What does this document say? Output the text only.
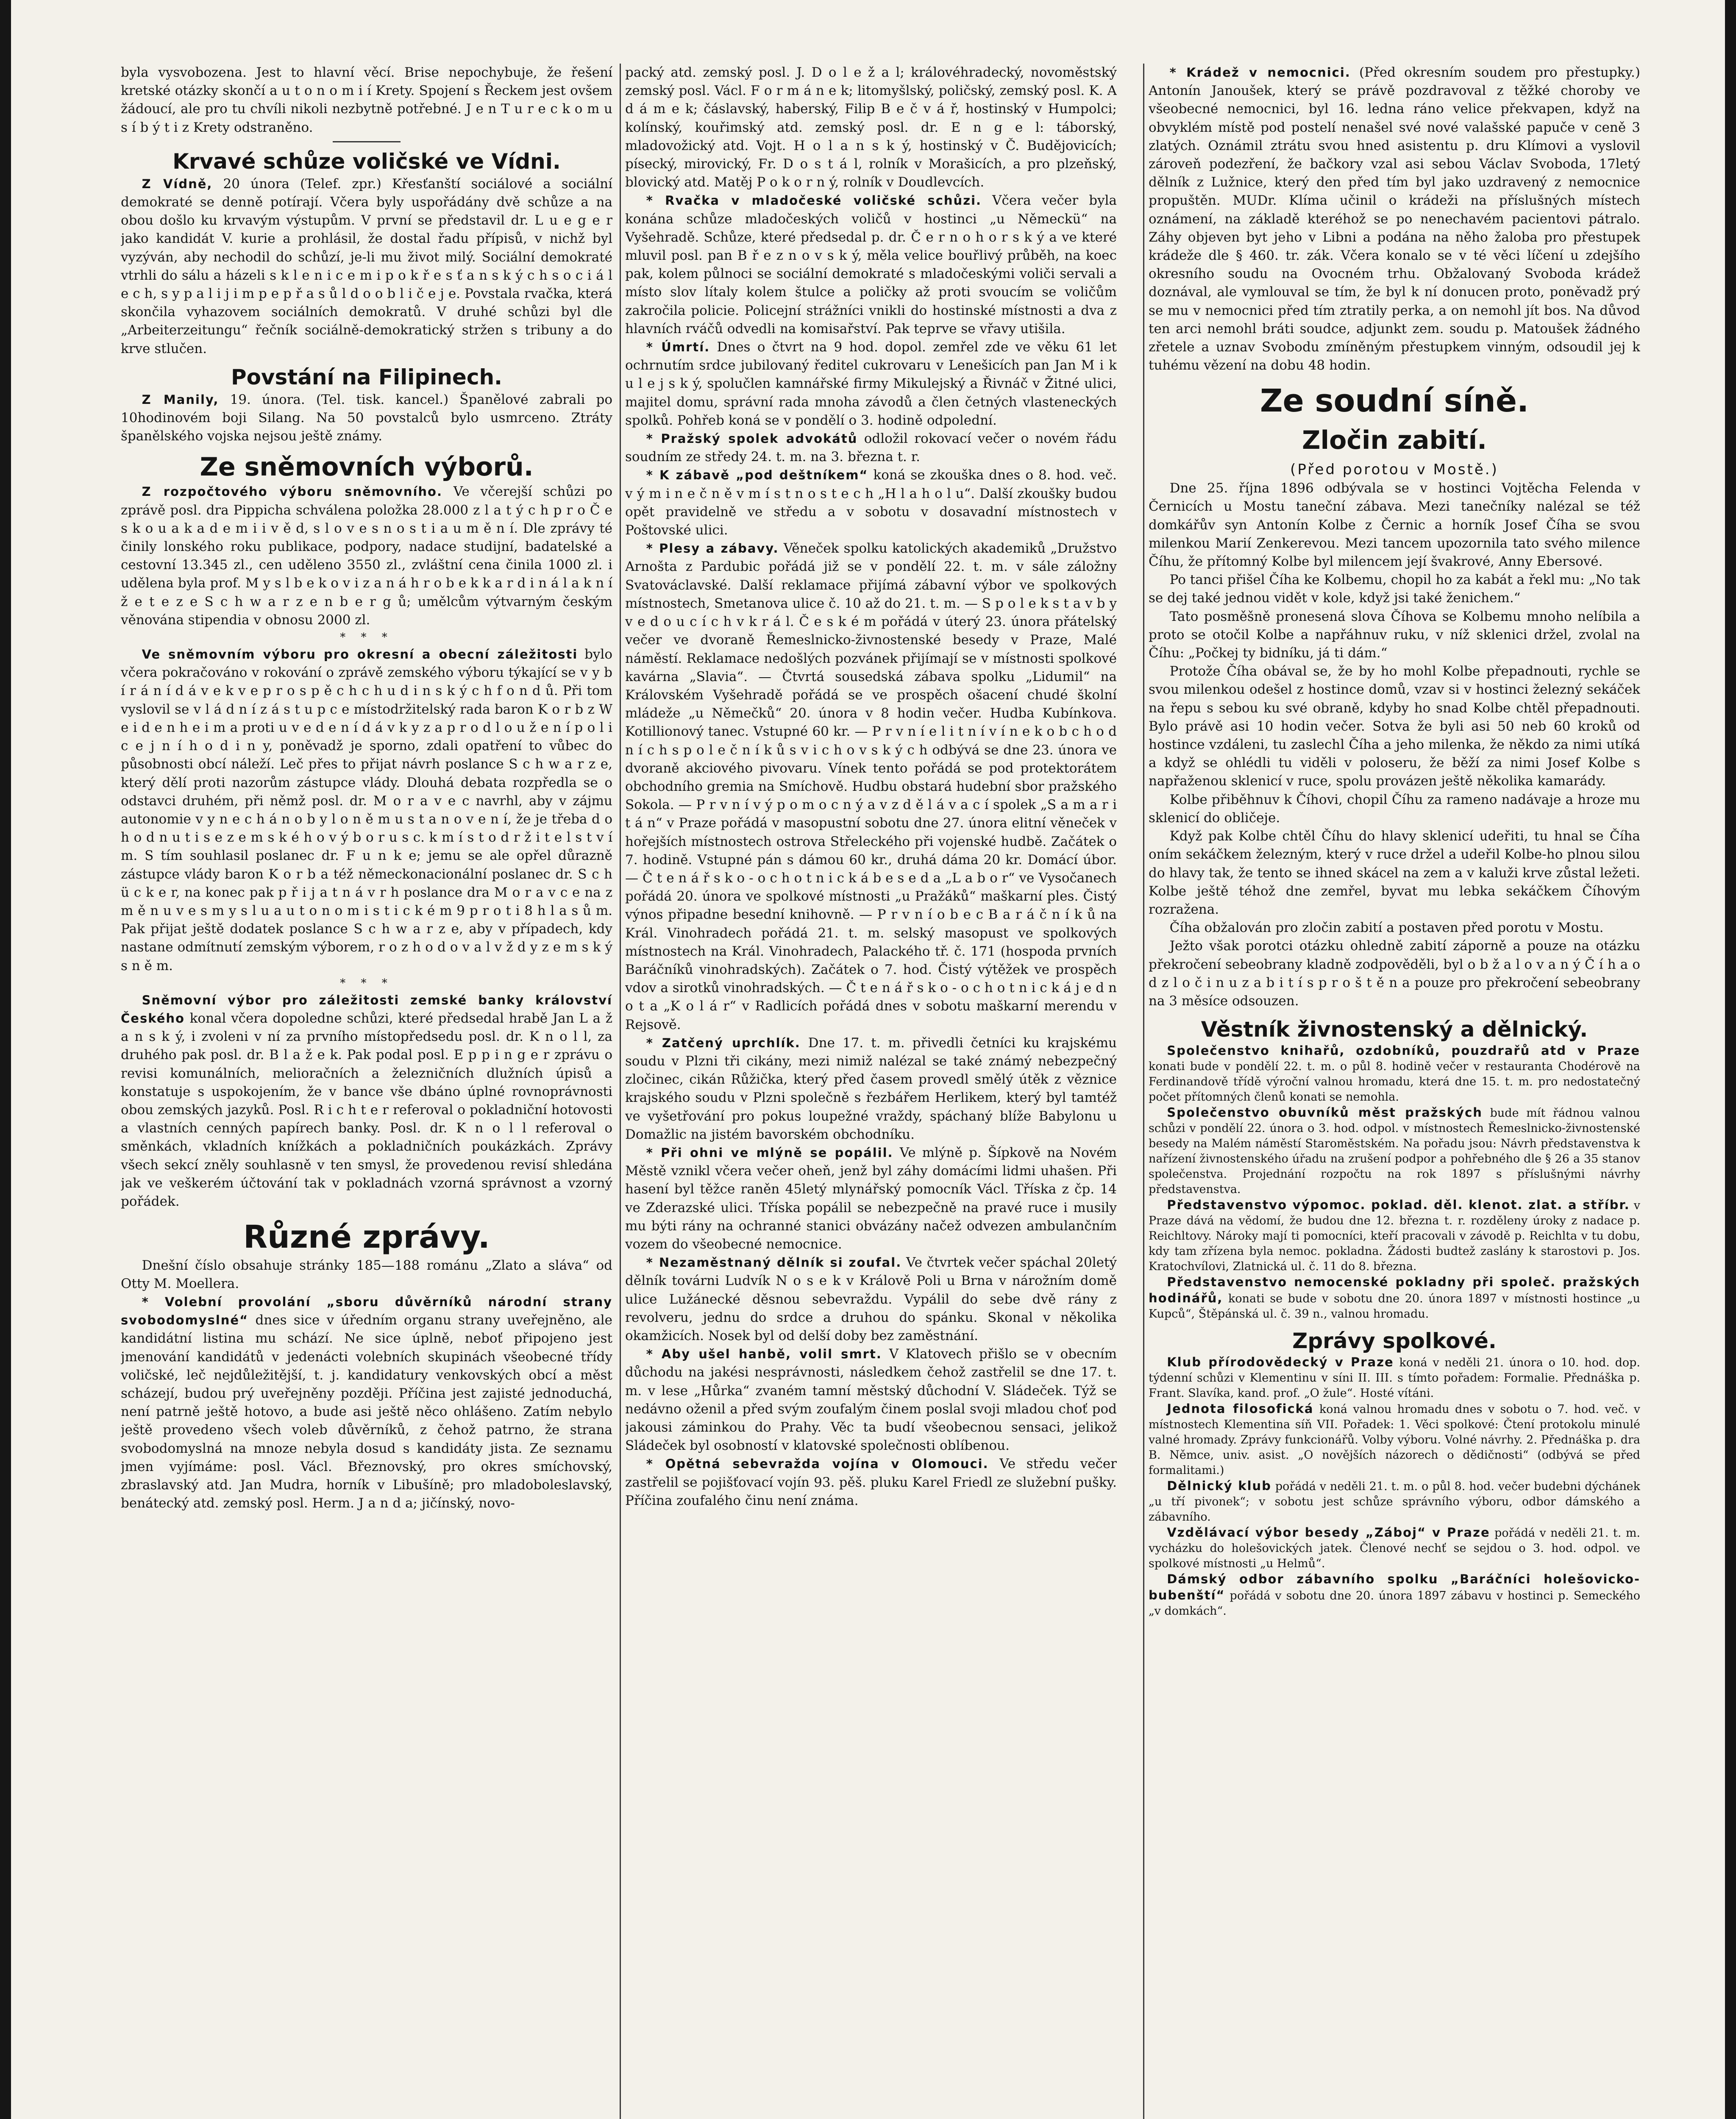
byla vysvobozena. Jest to hlavní věcí. Brise nepochybuje, že řešení kretské otázky skončí a u t o n o m i í Krety. Spojení s Řeckem jest ovšem žádoucí, ale pro tu chvíli nikoli nezbytně potřebné. J e n T u r e c k o m u s í b ý t i z Krety odstraněno.

Krvavé schůze voličské ve Vídni.

Z Vídně, 20 února (Telef. zpr.) Křesťanští sociálové a sociální demokraté se denně potírají. Včera byly uspořádány dvě schůze a na obou došlo ku krvavým výstupům. V první se představil dr. L u e g e r jako kandidát V. kurie a prohlásil, že dostal řadu přípisů, v nichž byl vyzýván, aby nechodil do schůzí, je-li mu život milý. Sociální demokraté vtrhli do sálu a házeli s k l e n i c e m i p o k ř e s ť a n s k ý c h s o c i á l e c h, s y p a l i j i m p e p ř a s ů l d o o b l i č e j e. Povstala rvačka, která skončila vyhazovem sociálních demokratů. V druhé schůzi byl dle „Arbeiterzeitungu“ řečník sociálně-demokratický stržen s tribuny a do krve stlučen.

Povstání na Filipinech.

Z Manily, 19. února. (Tel. tisk. kancel.) Španělové zabrali po 10hodinovém boji Silang. Na 50 povstalců bylo usmrceno. Ztráty španělského vojska nejsou ještě známy.

Ze sněmovních výborů.

Z rozpočtového výboru sněmovního. Ve včerejší schůzi po zprávě posl. dra Pippicha schválena položka 28.000 z l a t ý c h p r o Č e s k o u a k a d e m i i v ě d, s l o v e s n o s t i a u m ě n í. Dle zprávy té činily lonského roku publikace, podpory, nadace studijní, badatelské a cestovní 13.345 zl., cen uděleno 3550 zl., zvláštní cena činila 1000 zl. i udělena byla prof. M y s l b e k o v i z a n á h r o b e k k a r d i n á l a k n í ž e t e z e S c h w a r z e n b e r g ů; umělcům výtvarným českým věnována stipendia v obnosu 2000 zl.

* * *

Ve sněmovním výboru pro okresní a obecní záležitosti bylo včera pokračováno v rokování o zprávě zemského výboru týkající se v y b í r á n í d á v e k v e p r o s p ě c h c h u d i n s k ý c h f o n d ů. Při tom vyslovil se v l á d n í z á s t u p c e místodržitelský rada baron K o r b z W e i d e n h e i m a proti u v e d e n í d á v k y z a p r o d l o u ž e n í p o l i c e j n í h o d i n y, poněvadž je sporno, zdali opatření to vůbec do působnosti obcí náleží. Leč přes to přijat návrh poslance S c h w a r z e, který dělí proti nazorům zástupce vlády. Dlouhá debata rozpředla se o odstavci druhém, při němž posl. dr. M o r a v e c navrhl, aby v zájmu autonomie v y n e c h á n o b y l o n ě m u s t a n o v e n í, že je třeba d o h o d n u t i s e z e m s k é h o v ý b o r u s c. k m í s t o d r ž i t e l s t v í m. S tím souhlasil poslanec dr. F u n k e; jemu se ale opřel důrazně zástupce vlády baron K o r b a též německonacionální poslanec dr. S c h ü c k e r, na konec pak p ř i j a t n á v r h poslance dra M o r a v c e na z m ě n u v e s m y s l u a u t o n o m i s t i c k é m 9 p r o t i 8 h l a s ů m. Pak přijat ještě dodatek poslance S c h w a r z e, aby v případech, kdy nastane odmítnutí zemským výborem, r o z h o d o v a l v ž d y z e m s k ý s n ě m.

* * *

Sněmovní výbor pro záležitosti zemské banky království Českého konal včera dopoledne schůzi, které předsedal hrabě Jan L a ž a n s k ý, i zvoleni v ní za prvního místopředsedu posl. dr. K n o l l, za druhého pak posl. dr. B l a ž e k. Pak podal posl. E p p i n g e r zprávu o revisi komunálních, melioračních a železničních dlužních úpisů a konstatuje s uspokojením, že v bance vše dbáno úplné rovnoprávnosti obou zemských jazyků. Posl. R i c h t e r referoval o pokladniční hotovosti a vlastních cenných papírech banky. Posl. dr. K n o l l referoval o směnkách, vkladních knížkách a pokladničních poukázkách. Zprávy všech sekcí zněly souhlasně v ten smysl, že provedenou revisí shledána jak ve veškerém účtování tak v pokladnách vzorná správnost a vzorný pořádek.

Různé zprávy.

Dnešní číslo obsahuje stránky 185—188 románu „Zlato a sláva“ od Otty M. Moellera.

* Volební provolání „sboru důvěrníků národní strany svobodomyslné“ dnes sice v úředním organu strany uveřejněno, ale kandidátní listina mu schází. Ne sice úplně, neboť připojeno jest jmenování kandidátů v jedenácti volebních skupinách všeobecné třídy voličské, leč nejdůležitější, t. j. kandidatury venkovských obcí a měst scházejí, budou prý uveřejněny později. Příčina jest zajisté jednoduchá, není patrně ještě hotovo, a bude asi ještě něco ohlášeno. Zatím nebylo ještě provedeno všech voleb důvěrníků, z čehož patrno, že strana svobodomyslná na mnoze nebyla dosud s kandidáty jista. Ze seznamu jmen vyjímáme: posl. Václ. Březnovský, pro okres smíchovský, zbraslavský atd. Jan Mudra, horník v Libušíně; pro mladoboleslavský, benátecký atd. zemský posl. Herm. J a n d a; jičínský, novo-

packý atd. zemský posl. J. D o l e ž a l; královéhradecký, novoměstský zemský posl. Václ. F o r m á n e k; litomyšlský, poličský, zemský posl. K. A d á m e k; čáslavský, haberský, Filip B e č v á ř, hostinský v Humpolci; kolínský, kouřimský atd. zemský posl. dr. E n g e l: táborský, mladovožický atd. Vojt. H o l a n s k ý, hostinský v Č. Budějovicích; písecký, mirovický, Fr. D o s t á l, rolník v Morašicích, a pro plzeňský, blovický atd. Matěj P o k o r n ý, rolník v Doudlevcích.

* Rvačka v mladočeské voličské schůzi. Včera večer byla konána schůze mladočeských voličů v hostinci „u Německü“ na Vyšehradě. Schůze, které předsedal p. dr. Č e r n o h o r s k ý a ve které mluvil posl. pan B ř e z n o v s k ý, měla velice bouřlivý průběh, na koec pak, kolem půlnoci se sociální demokraté s mladočeskými voliči servali a místo slov lítaly kolem štulce a poličky až proti svoucím se voličům zakročila policie. Policejní strážníci vnikli do hostinské místnosti a dva z hlavních rváčů odvedli na komisařství. Pak teprve se vřavy utišila.

* Úmrtí. Dnes o čtvrt na 9 hod. dopol. zemřel zde ve věku 61 let ochrnutím srdce jubilovaný ředitel cukrovaru v Lenešicích pan Jan M i k u l e j s k ý, spolučlen kamnářské firmy Mikulejský a Řivnáč v Žitné ulici, majitel domu, správní rada mnoha závodů a člen četných vlasteneckých spolků. Pohřeb koná se v pondělí o 3. hodině odpolední.

* Pražský spolek advokátů odložil rokovací večer o novém řádu soudním ze středy 24. t. m. na 3. března t. r.

* K zábavě „pod deštníkem“ koná se zkouška dnes o 8. hod. več. v ý m i n e č n ě v m í s t n o s t e c h „H l a h o l u“. Další zkoušky budou opět pravidelně ve středu a v sobotu v dosavadní místnostech v Poštovské ulici.

* Plesy a zábavy. Věneček spolku katolických akademiků „Družstvo Arnošta z Pardubic pořádá již se v pondělí 22. t. m. v sále záložny Svatováclavské. Další reklamace přijímá zábavní výbor ve spolkových místnostech, Smetanova ulice č. 10 až do 21. t. m. — S p o l e k s t a v b y v e d o u c í c h v k r á l. Č e s k é m pořádá v úterý 23. února přátelský večer ve dvoraně Řemeslnicko-živnostenské besedy v Praze, Malé náměstí. Reklamace nedošlých pozvánek přijímají se v místnosti spolkové kavárna „Slavia“. — Čtvrtá sousedská zábava spolku „Lidumil“ na Královském Vyšehradě pořádá se ve prospěch ošacení chudé školní mládeže „u Němečků“ 20. února v 8 hodin večer. Hudba Kubínkova. Kotillionový tanec. Vstupné 60 kr. — P r v n í e l i t n í v í n e k o b c h o d n í c h s p o l e č n í k ů s v i c h o v s k ý c h odbývá se dne 23. února ve dvoraně akciového pivovaru. Vínek tento pořádá se pod protektorátem obchodního gremia na Smíchově. Hudbu obstará hudební sbor pražského Sokola. — P r v n í v ý p o m o c n ý a v z d ě l á v a c í spolek „S a m a r i t á n“ v Praze pořádá v masopustní sobotu dne 27. února elitní věneček v hořejších místnostech ostrova Střeleckého při vojenské hudbě. Začátek o 7. hodině. Vstupné pán s dámou 60 kr., druhá dáma 20 kr. Domácí úbor. — Č t e n á ř s k o - o c h o t n i c k á b e s e d a „L a b o r“ ve Vysočanech pořádá 20. února ve spolkové místnosti „u Pražáků“ maškarní ples. Čistý výnos připadne besední knihovně. — P r v n í o b e c B a r á č n í k ů na Král. Vinohradech pořádá 21. t. m. selský masopust ve spolkových místnostech na Král. Vinohradech, Palackého tř. č. 171 (hospoda prvních Baráčníků vinohradských). Začátek o 7. hod. Čistý výtěžek ve prospěch vdov a sirotků vinohradských. — Č t e n á ř s k o - o c h o t n i c k á j e d n o t a „K o l á r“ v Radlicích pořádá dnes v sobotu maškarní merendu v Rejsově.

* Zatčený uprchlík. Dne 17. t. m. přivedli četníci ku krajskému soudu v Plzni tři cikány, mezi nimiž nalézal se také známý nebezpečný zločinec, cikán Růžička, který před časem provedl smělý útěk z věznice krajského soudu v Plzni společně s řezbářem Herlikem, který byl tamtéž ve vyšetřování pro pokus loupežné vraždy, spáchaný blíže Babylonu u Domažlic na jistém bavorském obchodníku.

* Při ohni ve mlýně se popálil. Ve mlýně p. Šípkově na Novém Městě vznikl včera večer oheň, jenž byl záhy domácími lidmi uhašen. Při hasení byl těžce raněn 45letý mlynářský pomocník Václ. Tříska z čp. 14 ve Zderazské ulici. Tříska popálil se nebezpečně na pravé ruce i musily mu býti rány na ochranné stanici obvázány načež odvezen ambulančním vozem do všeobecné nemocnice.

* Nezaměstnaný dělník si zoufal. Ve čtvrtek večer spáchal 20letý dělník továrni Ludvík N o s e k v Králově Poli u Brna v nárožním domě ulice Lužánecké děsnou sebevraždu. Vypálil do sebe dvě rány z revolveru, jednu do srdce a druhou do spánku. Skonal v několika okamžicích. Nosek byl od delší doby bez zaměstnání.

* Aby ušel hanbě, volil smrt. V Klatovech přišlo se v obecním důchodu na jakési nesprávnosti, následkem čehož zastřelil se dne 17. t. m. v lese „Hůrka“ zvaném tamní městský důchodní V. Sládeček. Týž se nedávno oženil a před svým zoufalým činem poslal svoji mladou choť pod jakousi záminkou do Prahy. Věc ta budí všeobecnou sensaci, jelikož Sládeček byl osobností v klatovské společnosti oblíbenou.

* Opětná sebevražda vojína v Olomouci. Ve středu večer zastřelil se pojišťovací vojín 93. pěš. pluku Karel Friedl ze služební pušky. Příčina zoufalého činu není známa.

* Krádež v nemocnici. (Před okresním soudem pro přestupky.) Antonín Janoušek, který se právě pozdravoval z těžké choroby ve všeobecné nemocnici, byl 16. ledna ráno velice překvapen, když na obvyklém místě pod postelí nenašel své nové valašské papuče v ceně 3 zlatých. Oznámil ztrátu svou hned asistentu p. dru Klímovi a vyslovil zároveň podezření, že bačkory vzal asi sebou Václav Svoboda, 17letý dělník z Lužnice, který den před tím byl jako uzdravený z nemocnice propuštěn. MUDr. Klíma učinil o krádeži na příslušných místech oznámení, na základě kteréhož se po nenechavém pacientovi pátralo. Záhy objeven byt jeho v Libni a podána na něho žaloba pro přestupek krádeže dle § 460. tr. zák. Včera konalo se v té věci líčení u zdejšího okresního soudu na Ovocném trhu. Obžalovaný Svoboda krádež doznával, ale vymlouval se tím, že byl k ní donucen proto, poněvadž prý se mu v nemocnici před tím ztratily perka, a on nemohl jít bos. Na důvod ten arci nemohl bráti soudce, adjunkt zem. soudu p. Matoušek žádného zřetele a uznav Svobodu zmíněným přestupkem vinným, odsoudil jej k tuhému vězení na dobu 48 hodin.

Ze soudní síně.
Zločin zabití.
(Před porotou v Mostě.)

Dne 25. října 1896 odbývala se v hostinci Vojtěcha Felenda v Černicích u Mostu taneční zábava. Mezi tanečníky nalézal se též domkářův syn Antonín Kolbe z Černic a horník Josef Číha se svou milenkou Marií Zenkerevou. Mezi tancem upozornila tato svého milence Číhu, že přítomný Kolbe byl milencem její švakrové, Anny Ebersové.

Po tanci přišel Číha ke Kolbemu, chopil ho za kabát a řekl mu: „No tak se dej také jednou vidět v kole, když jsi také ženichem.“

Tato posměšně pronesená slova Číhova se Kolbemu mnoho nelíbila a proto se otočil Kolbe a napřáhnuv ruku, v níž sklenici držel, zvolal na Číhu: „Počkej ty bidníku, já ti dám.“

Protože Číha obával se, že by ho mohl Kolbe přepadnouti, rychle se svou milenkou odešel z hostince domů, vzav si v hostinci železný sekáček na řepu s sebou ku své obraně, kdyby ho snad Kolbe chtěl přepadnouti. Bylo právě asi 10 hodin večer. Sotva že byli asi 50 neb 60 kroků od hostince vzdáleni, tu zaslechl Číha a jeho milenka, že někdo za nimi utíká a když se ohlédli tu viděli v poloseru, že běží za nimi Josef Kolbe s napřaženou sklenicí v ruce, spolu provázen ještě několika kamarády.

Kolbe přiběhnuv k Číhovi, chopil Číhu za rameno nadávaje a hroze mu sklenicí do obličeje.

Když pak Kolbe chtěl Číhu do hlavy sklenicí udeřiti, tu hnal se Číha oním sekáčkem železným, který v ruce držel a udeřil Kolbe-ho plnou silou do hlavy tak, že tento se ihned skácel na zem a v kaluži krve zůstal ležeti. Kolbe ještě téhož dne zemřel, byvat mu lebka sekáčkem Číhovým rozražena.

Číha obžalován pro zločin zabití a postaven před porotu v Mostu.

Ježto však porotci otázku ohledně zabití záporně a pouze na otázku překročení sebeobrany kladně zodpověděli, byl o b ž a l o v a n ý Č í h a o d z l o č i n u z a b i t í s p r o š t ě n a pouze pro překročení sebeobrany na 3 měsíce odsouzen.

Věstník živnostenský a dělnický.

Společenstvo knihařů, ozdobníků, pouzdrařů atd v Praze konati bude v pondělí 22. t. m. o půl 8. hodině večer v restauranta Chodérově na Ferdinandově třídě výroční valnou hromadu, která dne 15. t. m. pro nedostatečný počet přítomných členů konati se nemohla.

Společenstvo obuvníků měst pražských bude mít řádnou valnou schůzi v pondělí 22. února o 3. hod. odpol. v místnostech Řemeslnicko-živnostenské besedy na Malém náměstí Staroměstském. Na pořadu jsou: Návrh představenstva k nařízení živnostenského úřadu na zrušení podpor a pohřebného dle § 26 a 35 stanov společenstva. Projednání rozpočtu na rok 1897 s příslušnými návrhy představenstva.

Představenstvo výpomoc. poklad. děl. klenot. zlat. a stříbr. v Praze dává na vědomí, že budou dne 12. března t. r. rozděleny úroky z nadace p. Reichltovy. Nároky mají ti pomocníci, kteří pracovali v závodě p. Reichlta v tu dobu, kdy tam zřízena byla nemoc. pokladna. Žádosti budtež zaslány k starostovi p. Jos. Kratochvílovi, Zlatnická ul. č. 11 do 8. března.

Představenstvo nemocenské pokladny při společ. pražských hodinářů, konati se bude v sobotu dne 20. února 1897 v místnosti hostince „u Kupců“, Štěpánská ul. č. 39 n., valnou hromadu.

Zprávy spolkové.

Klub přírodovědecký v Praze koná v neděli 21. února o 10. hod. dop. týdenní schůzi v Klementinu v síni II. III. s tímto pořadem: Formalie. Přednáška p. Frant. Slavíka, kand. prof. „O žule“. Hosté vítáni.

Jednota filosofická koná valnou hromadu dnes v sobotu o 7. hod. več. v místnostech Klementina síň VII. Pořadek: 1. Věci spolkové: Čtení protokolu minulé valné hromady. Zprávy funkcionářů. Volby výboru. Volné návrhy. 2. Přednáška p. dra B. Němce, univ. asist. „O novějších názorech o dědičnosti“ (odbývá se před formalitami.)

Dělnický klub pořádá v neděli 21. t. m. o půl 8. hod. večer budebni dýchánek „u tří pivonek“; v sobotu jest schůze správního výboru, odbor dámského a zábavního.

Vzdělávací výbor besedy „Záboj“ v Praze pořádá v neděli 21. t. m. vycházku do holešovických jatek. Členové nechť se sejdou o 3. hod. odpol. ve spolkové místnosti „u Helmů“.

Dámský odbor zábavního spolku „Baráčníci holešovicko-bubenští“ pořádá v sobotu dne 20. února 1897 zábavu v hostinci p. Semeckého „v domkách“.
